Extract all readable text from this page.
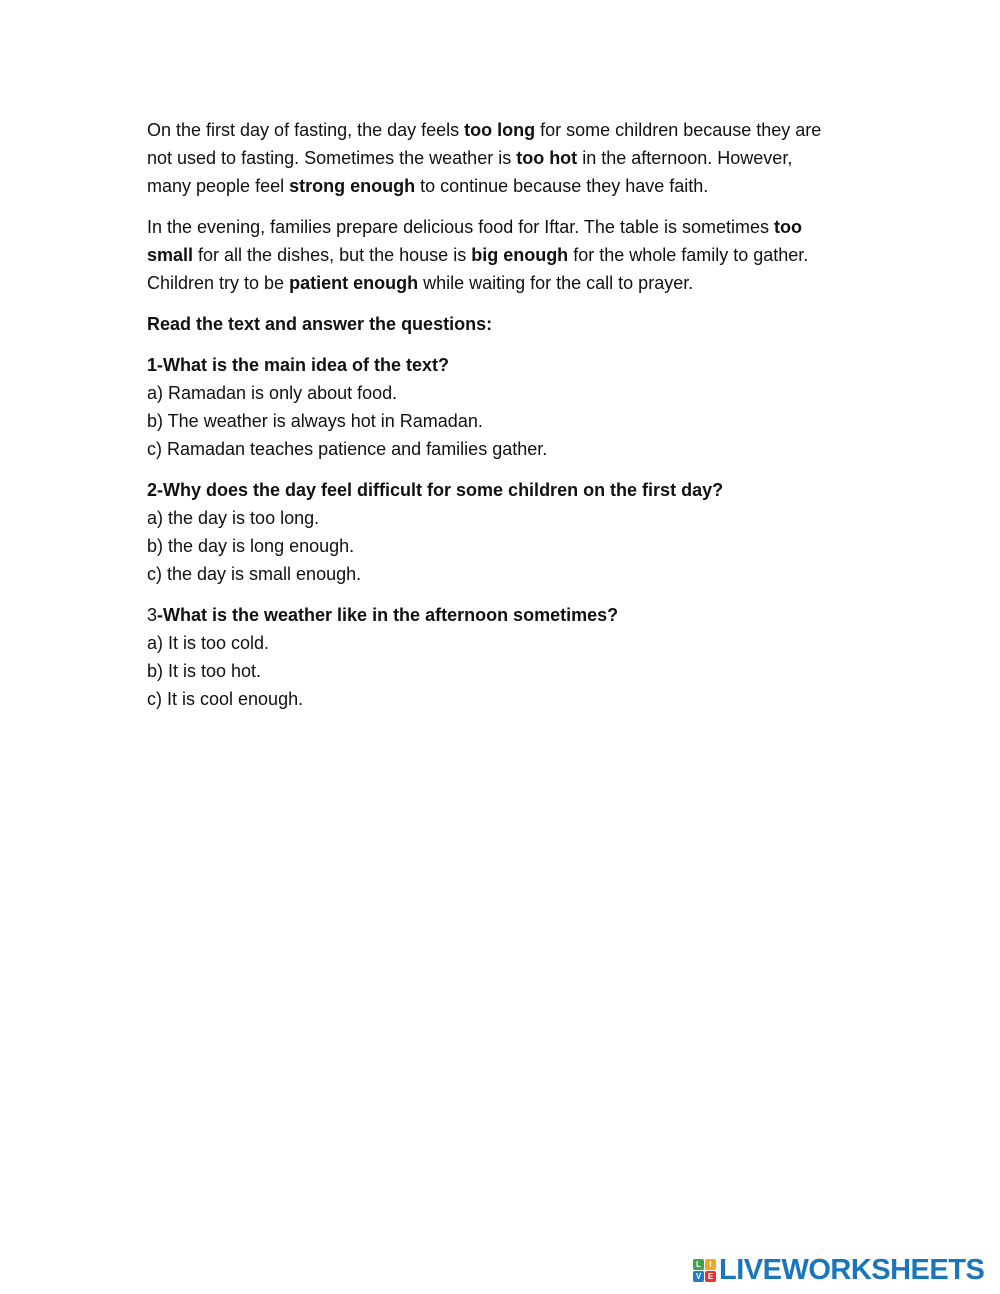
On the first day of fasting, the day feels too long for some children because they are
not used to fasting. Sometimes the weather is too hot in the afternoon. However,
many people feel strong enough to continue because they have faith.

In the evening, families prepare delicious food for Iftar. The table is sometimes too
small for all the dishes, but the house is big enough for the whole family to gather.
Children try to be patient enough while waiting for the call to prayer.

Read the text and answer the questions:

1-What is the main idea of the text?
a) Ramadan is only about food.
b) The weather is always hot in Ramadan.
c) Ramadan teaches patience and families gather.
2-Why does the day feel difficult for some children on the first day?
a) the day is too long.
b) the day is long enough.
c) the day is small enough.
3-What is the weather like in the afternoon sometimes?
a) It is too cold.
b) It is too hot.
c) It is cool enough.
L	I
V E LIVEWORKSHEETS
